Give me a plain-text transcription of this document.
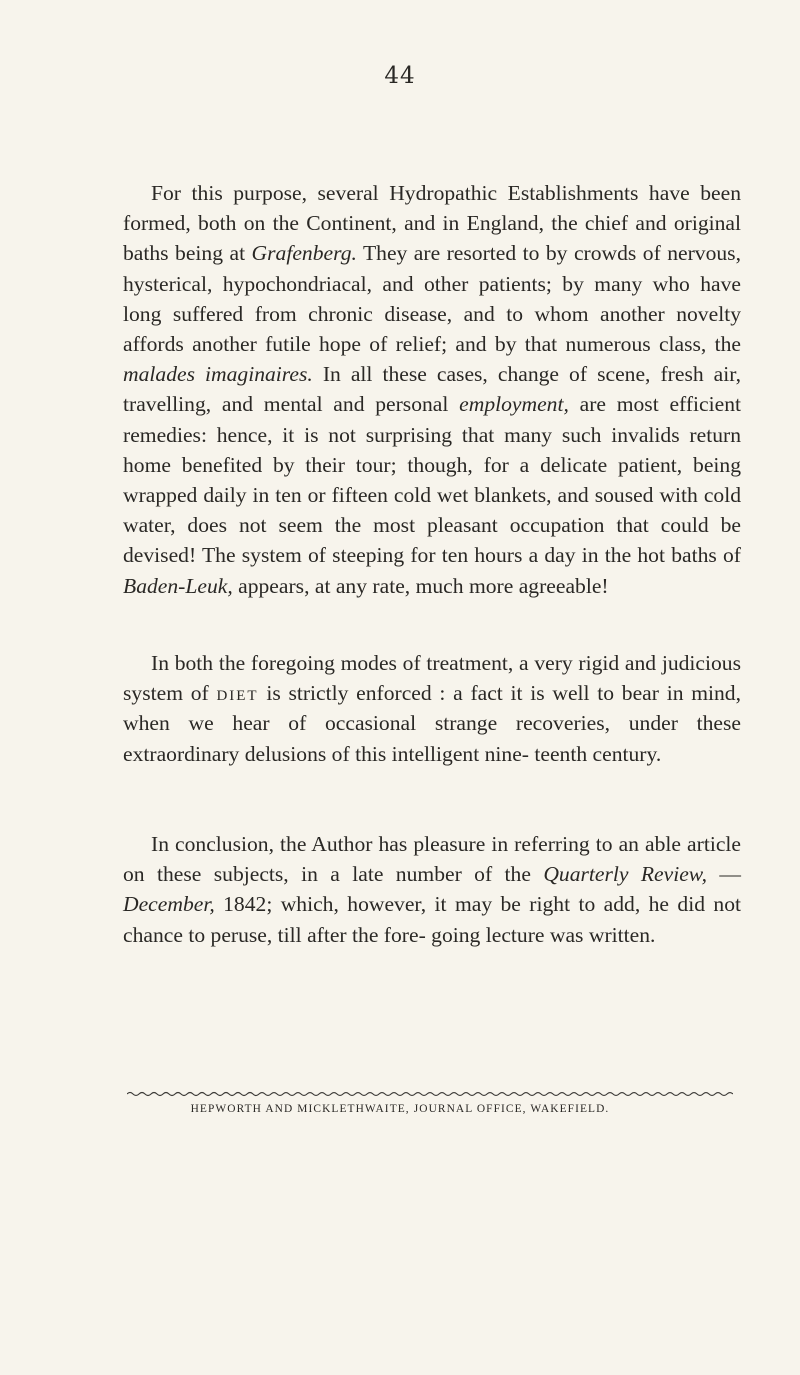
44

For this purpose, several Hydropathic Establishments have been formed, both on the Continent, and in England, the chief and original baths being at Grafenberg. They are resorted to by crowds of nervous, hysterical, hypochondriacal, and other patients; by many who have long suffered from chronic disease, and to whom another novelty affords another futile hope of relief; and by that numerous class, the malades imaginaires. In all these cases, change of scene, fresh air, travelling, and mental and personal employment, are most efficient remedies: hence, it is not surprising that many such invalids return home benefited by their tour; though, for a delicate patient, being wrapped daily in ten or fifteen cold wet blankets, and soused with cold water, does not seem the most pleasant occupation that could be devised! The system of steeping for ten hours a day in the hot baths of Baden-Leuk, appears, at any rate, much more agreeable!

In both the foregoing modes of treatment, a very rigid and judicious system of diet is strictly enforced : a fact it is well to bear in mind, when we hear of occasional strange recoveries, under these extraordinary delusions of this intelligent nine- teenth century.

In conclusion, the Author has pleasure in referring to an able article on these subjects, in a late number of the Quarterly Review, —December, 1842; which, however, it may be right to add, he did not chance to peruse, till after the fore- going lecture was written.

HEPWORTH AND MICKLETHWAITE, JOURNAL OFFICE, WAKEFIELD.
